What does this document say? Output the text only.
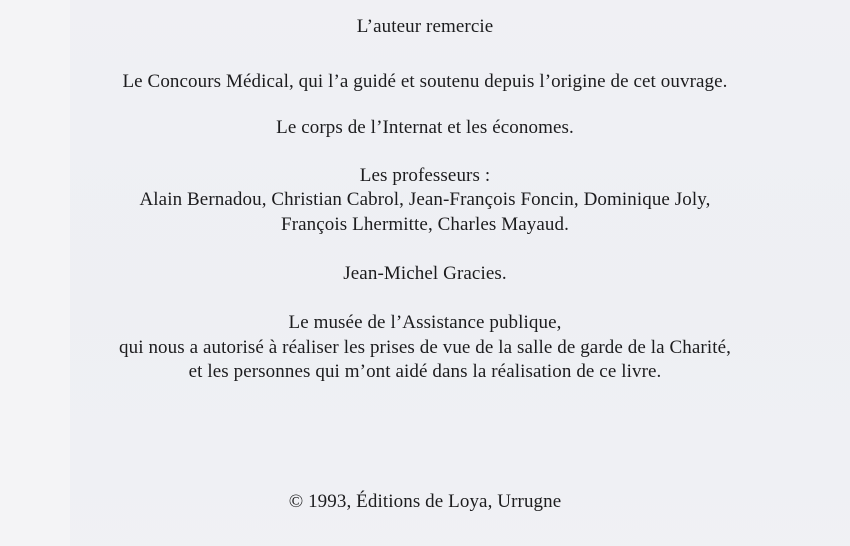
L’auteur remercie
Le Concours Médical, qui l’a guidé et soutenu depuis l’origine de cet ouvrage.
Le corps de l’Internat et les économes.
Les professeurs :
Alain Bernadou, Christian Cabrol, Jean-François Foncin, Dominique Joly,
François Lhermitte, Charles Mayaud.
Jean-Michel Gracies.
Le musée de l’Assistance publique,
qui nous a autorisé à réaliser les prises de vue de la salle de garde de la Charité,
et les personnes qui m’ont aidé dans la réalisation de ce livre.
© 1993, Éditions de Loya, Urrugne
